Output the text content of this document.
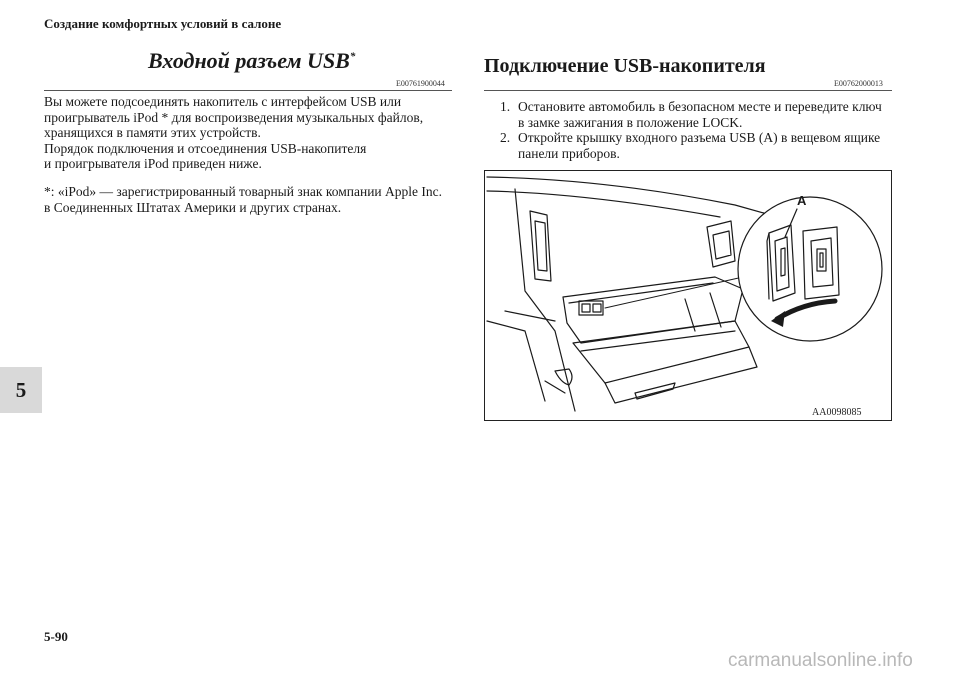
Создание комфортных условий в салоне
5
Входной разъем USB*
E00761900044
Вы можете подсоединять накопитель с интерфейсом USB или
проигрыватель iPod * для воспроизведения музыкальных файлов,
хранящихся в памяти этих устройств.
Порядок подключения и отсоединения USB-накопителя
и проигрывателя iPod приведен ниже.
*: «iPod» — зарегистрированный товарный знак компании Apple Inc.
в Соединенных Штатах Америки и других странах.
Подключение USB-накопителя
E00762000013
1. Остановите автомобиль в безопасном месте и переведите ключ
в замке зажигания в положение LOCK.
2. Откройте крышку входного разъема USB (A) в вещевом ящике
панели приборов.
A
AA0098085
5-90
carmanualsonline.info
